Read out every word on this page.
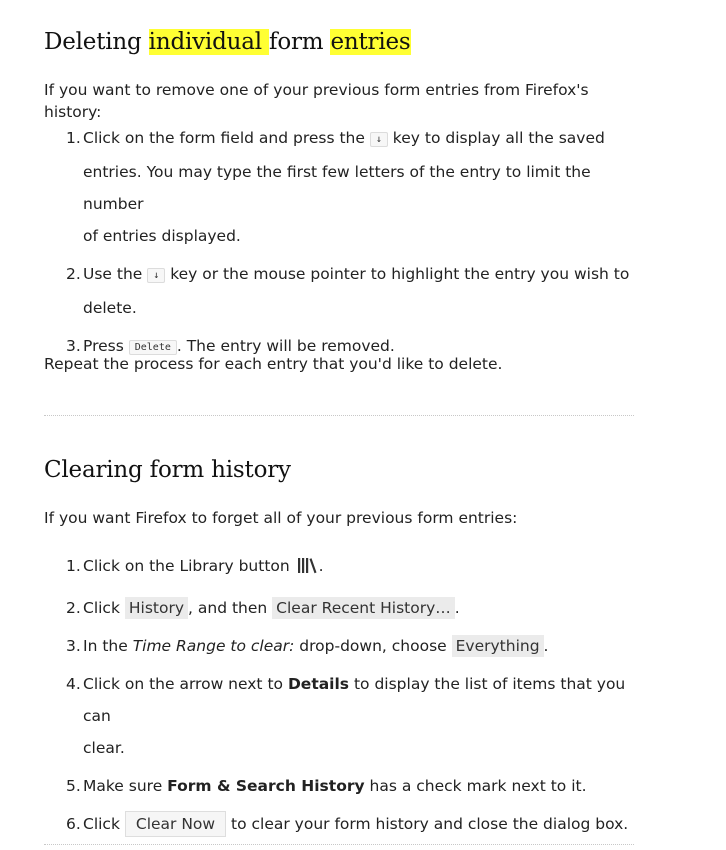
Deleting individual form entries

If you want to remove one of your previous form entries from Firefox's history:

1. Click on the form field and press the ↓ key to display all the saved
entries. You may type the first few letters of the entry to limit the number
of entries displayed.
2. Use the ↓ key or the mouse pointer to highlight the entry you wish to
delete.
3. Press Delete . The entry will be removed.

Repeat the process for each entry that you'd like to delete.

Clearing form history

If you want Firefox to forget all of your previous form entries:

1. Click on the Library button .
2. Click History , and then Clear Recent History… .
3. In the Time Range to clear: drop-down, choose Everything .
4. Click on the arrow next to Details to display the list of items that you can
clear.
5. Make sure Form & Search History has a check mark next to it.
6. Click Clear Now to clear your form history and close the dialog box.
